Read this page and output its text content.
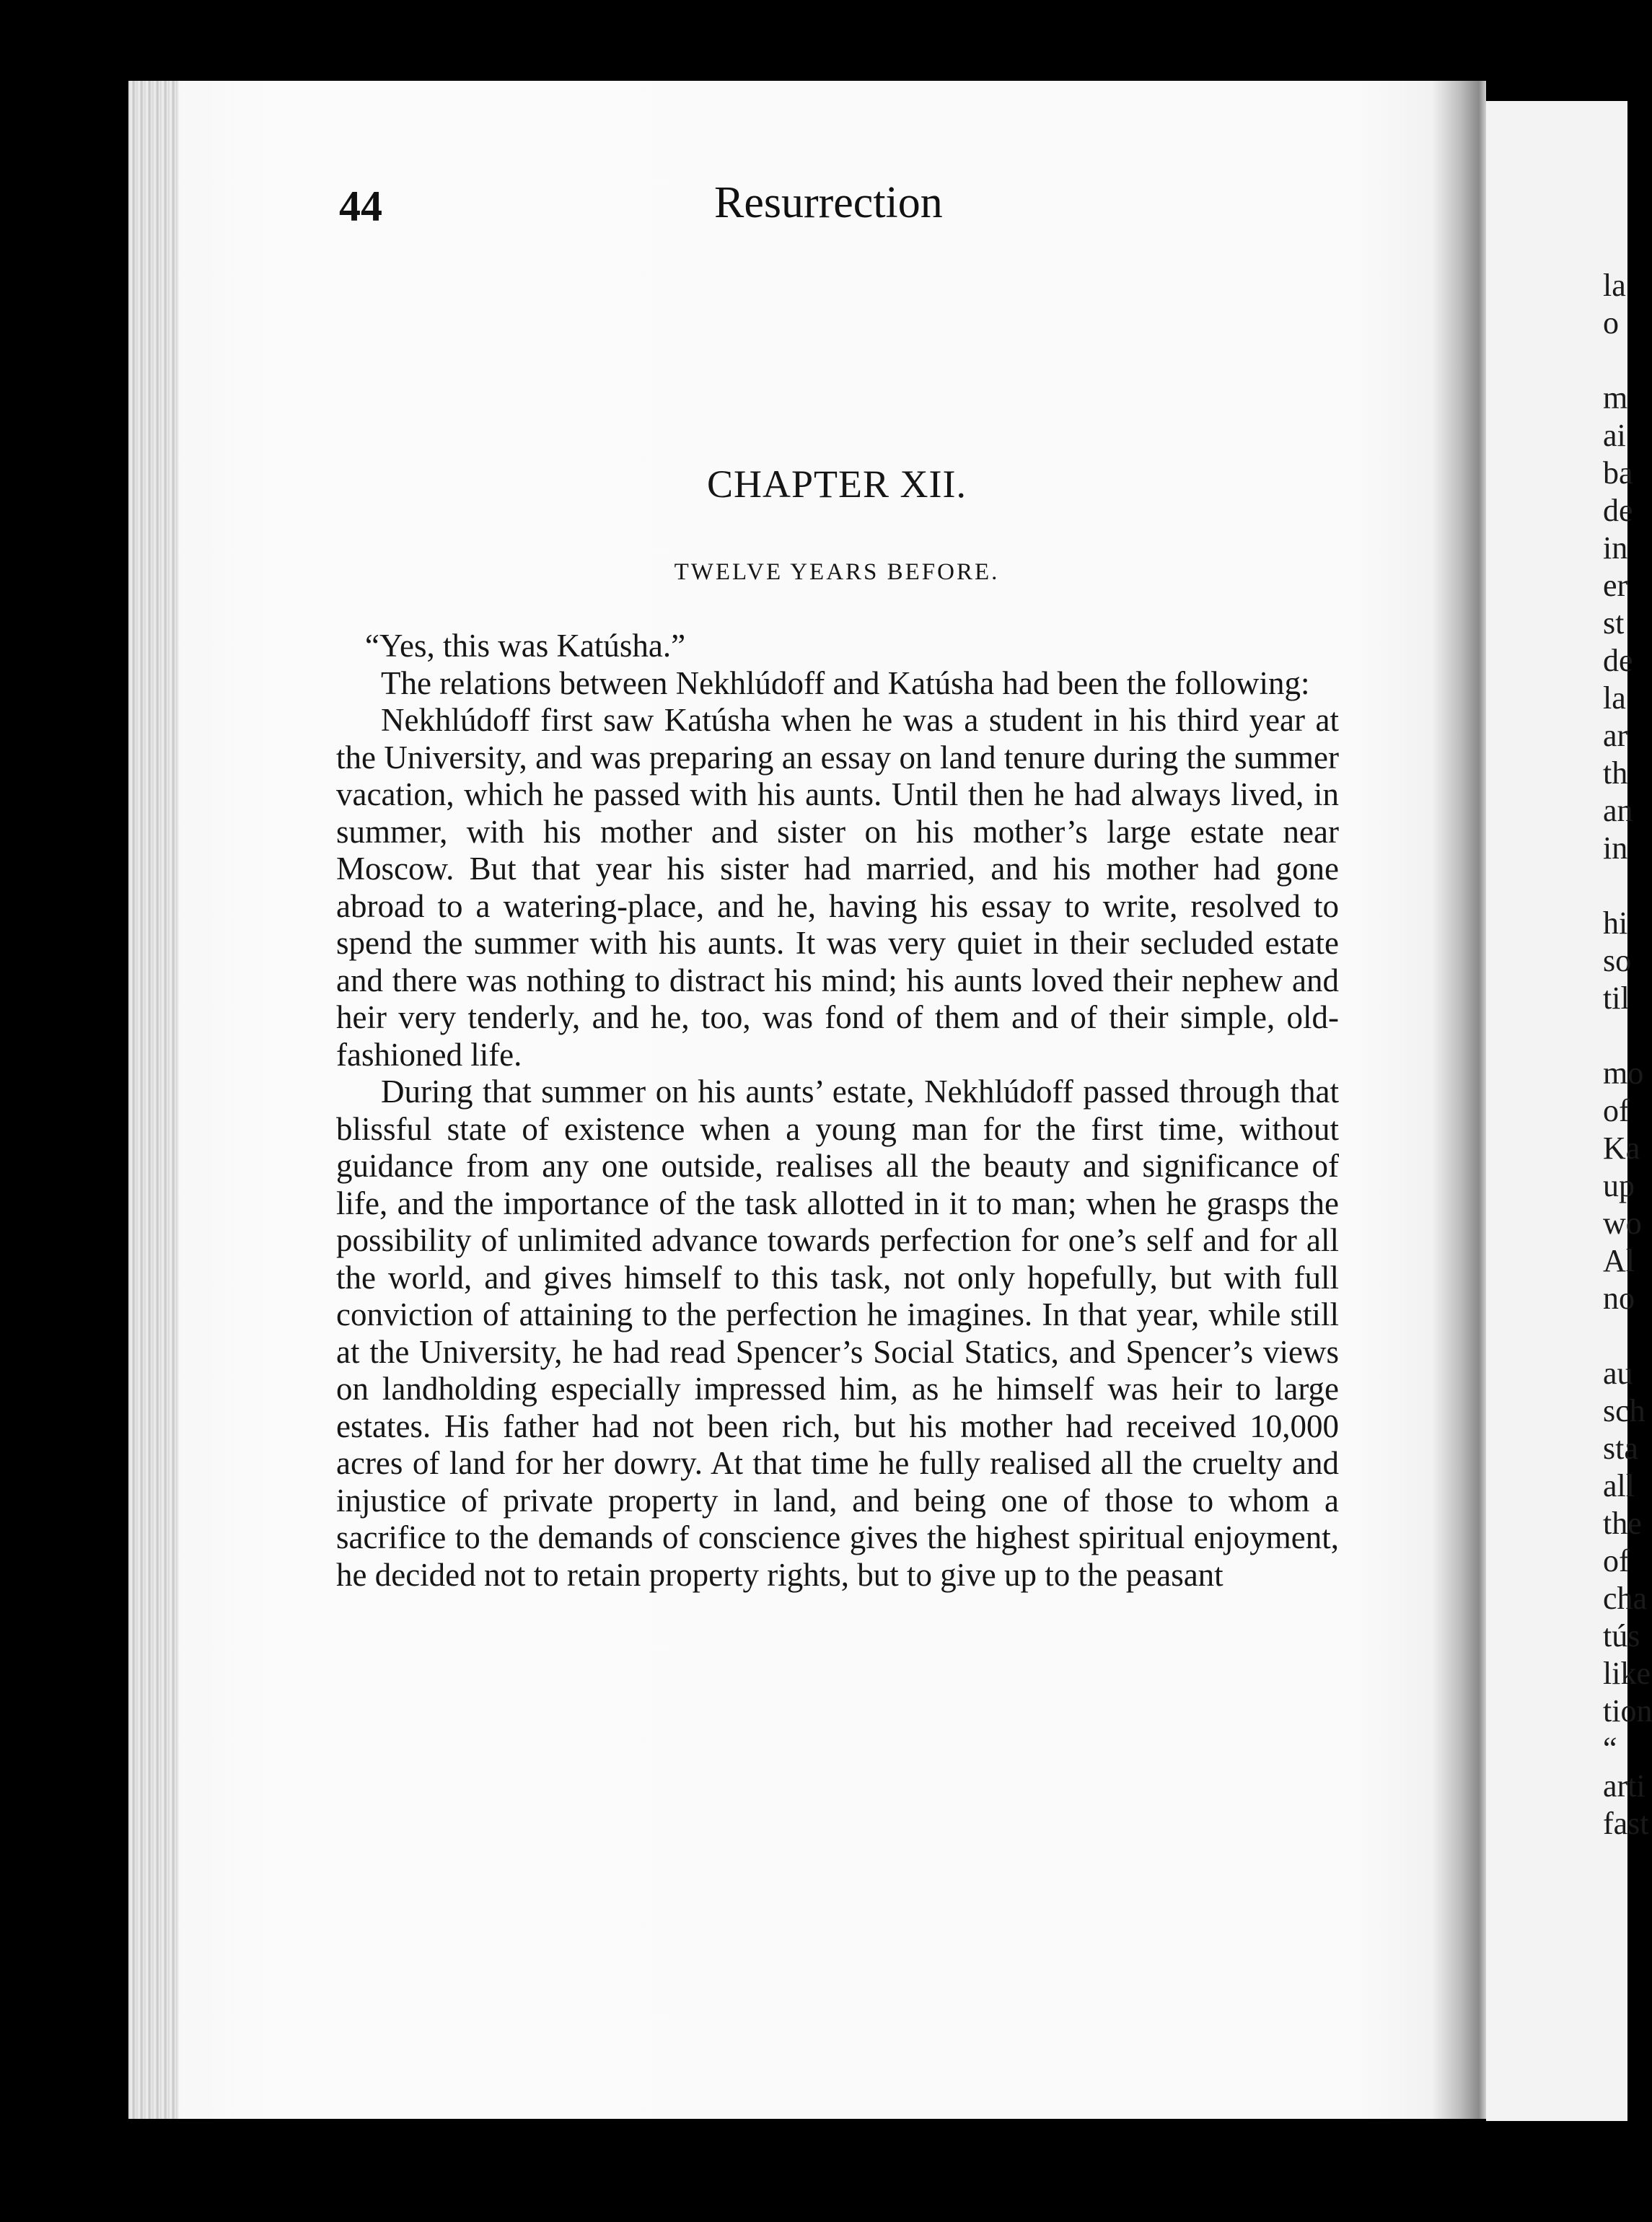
la
o

m
ai
ba
de
in
er
st
de
la
ar
th
an
in

hi
so
til

mo
of
Ka
up
wo
Al
no

au
sch
sta
all
the
of
cha
tús
like
tion
“
arti
fast
44	Resurrection
CHAPTER XII.
TWELVE YEARS BEFORE.

“Yes, this was Katúsha.”

The relations between Nekhlúdoff and Katúsha had been the following:

Nekhlúdoff first saw Katúsha when he was a student in his third year at the University, and was preparing an essay on land tenure during the summer vacation, which he passed with his aunts. Until then he had always lived, in summer, with his mother and sister on his mother’s large estate near Moscow. But that year his sister had married, and his mother had gone abroad to a watering-place, and he, having his essay to write, resolved to spend the summer with his aunts. It was very quiet in their secluded estate and there was nothing to distract his mind; his aunts loved their nephew and heir very tenderly, and he, too, was fond of them and of their simple, old-fashioned life.

During that summer on his aunts’ estate, Nekhlúdoff passed through that blissful state of existence when a young man for the first time, without guidance from any one outside, realises all the beauty and significance of life, and the importance of the task allotted in it to man; when he grasps the possibility of unlimited advance towards perfection for one’s self and for all the world, and gives himself to this task, not only hopefully, but with full conviction of attaining to the perfection he imagines. In that year, while still at the University, he had read Spencer’s Social Statics, and Spencer’s views on landholding especially impressed him, as he himself was heir to large estates. His father had not been rich, but his mother had received 10,000 acres of land for her dowry. At that time he fully realised all the cruelty and injustice of private property in land, and being one of those to whom a sacrifice to the demands of conscience gives the highest spiritual enjoyment, he decided not to retain property rights, but to give up to the peasant
